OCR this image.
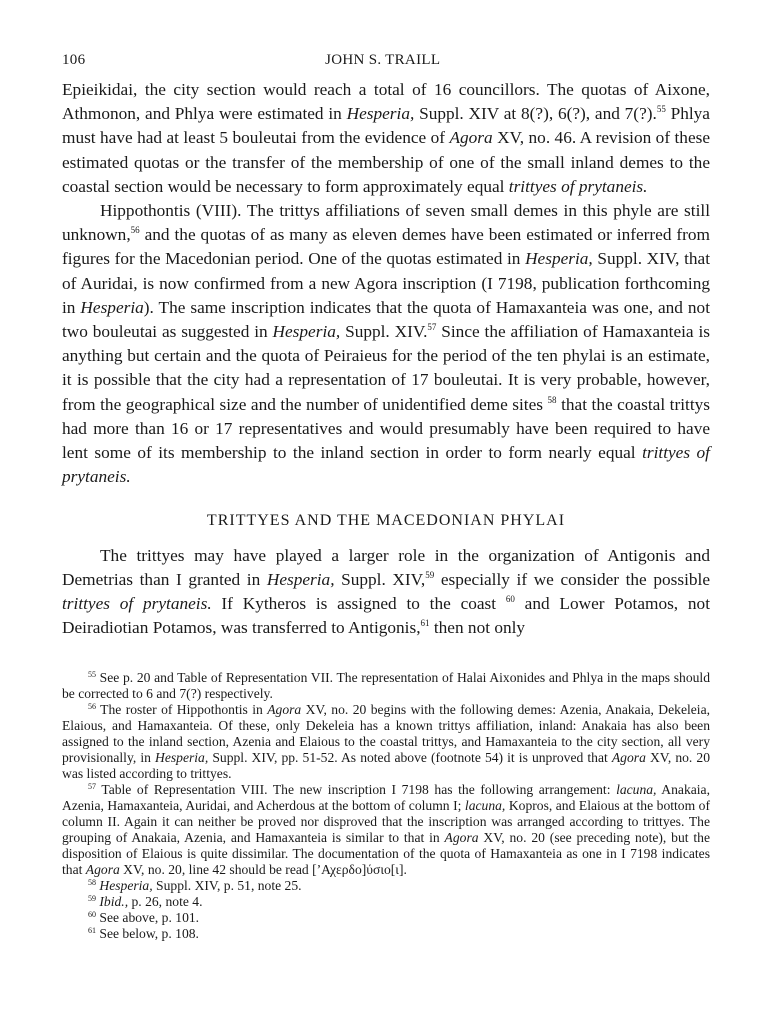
106	JOHN S. TRAILL

Epieikidai, the city section would reach a total of 16 councillors. The quotas of Aixone, Athmonon, and Phlya were estimated in Hesperia, Suppl. XIV at 8(?), 6(?), and 7(?).$^{55}$ Phlya must have had at least 5 bouleutai from the evidence of Agora XV, no. 46. A revision of these estimated quotas or the transfer of the membership of one of the small inland demes to the coastal section would be necessary to form approximately equal trittyes of prytaneis.

Hippothontis (VIII). The trittys affiliations of seven small demes in this phyle are still unknown,$^{56}$ and the quotas of as many as eleven demes have been estimated or inferred from figures for the Macedonian period. One of the quotas estimated in Hesperia, Suppl. XIV, that of Auridai, is now confirmed from a new Agora inscription (I 7198, publication forthcoming in Hesperia). The same inscription indicates that the quota of Hamaxanteia was one, and not two bouleutai as suggested in Hesperia, Suppl. XIV.$^{57}$ Since the affiliation of Hamaxanteia is anything but certain and the quota of Peiraieus for the period of the ten phylai is an estimate, it is possible that the city had a representation of 17 bouleutai. It is very probable, however, from the geographical size and the number of unidentified deme sites $^{58}$ that the coastal trittys had more than 16 or 17 representatives and would presumably have been required to have lent some of its membership to the inland section in order to form nearly equal trittyes of prytaneis.

TRITTYES AND THE MACEDONIAN PHYLAI

The trittyes may have played a larger role in the organization of Antigonis and Demetrias than I granted in Hesperia, Suppl. XIV,$^{59}$ especially if we consider the possible trittyes of prytaneis. If Kytheros is assigned to the coast $^{60}$ and Lower Potamos, not Deiradiotian Potamos, was transferred to Antigonis,$^{61}$ then not only

$^{55}$ See p. 20 and Table of Representation VII. The representation of Halai Aixonides and Phlya in the maps should be corrected to 6 and 7(?) respectively.

$^{56}$ The roster of Hippothontis in Agora XV, no. 20 begins with the following demes: Azenia, Anakaia, Dekeleia, Elaious, and Hamaxanteia. Of these, only Dekeleia has a known trittys affiliation, inland: Anakaia has also been assigned to the inland section, Azenia and Elaious to the coastal trittys, and Hamaxanteia to the city section, all very provisionally, in Hesperia, Suppl. XIV, pp. 51-52. As noted above (footnote 54) it is unproved that Agora XV, no. 20 was listed according to trittyes.

$^{57}$ Table of Representation VIII. The new inscription I 7198 has the following arrangement: lacuna, Anakaia, Azenia, Hamaxanteia, Auridai, and Acherdous at the bottom of column I; lacuna, Kopros, and Elaious at the bottom of column II. Again it can neither be proved nor disproved that the inscription was arranged according to trittyes. The grouping of Anakaia, Azenia, and Hamaxanteia is similar to that in Agora XV, no. 20 (see preceding note), but the disposition of Elaious is quite dissimilar. The documentation of the quota of Hamaxanteia as one in I 7198 indicates that Agora XV, no. 20, line 42 should be read [’Αχερδο]ύσιο[ι].

$^{58}$ Hesperia, Suppl. XIV, p. 51, note 25.

$^{59}$ Ibid., p. 26, note 4.

$^{60}$ See above, p. 101.

$^{61}$ See below, p. 108.
